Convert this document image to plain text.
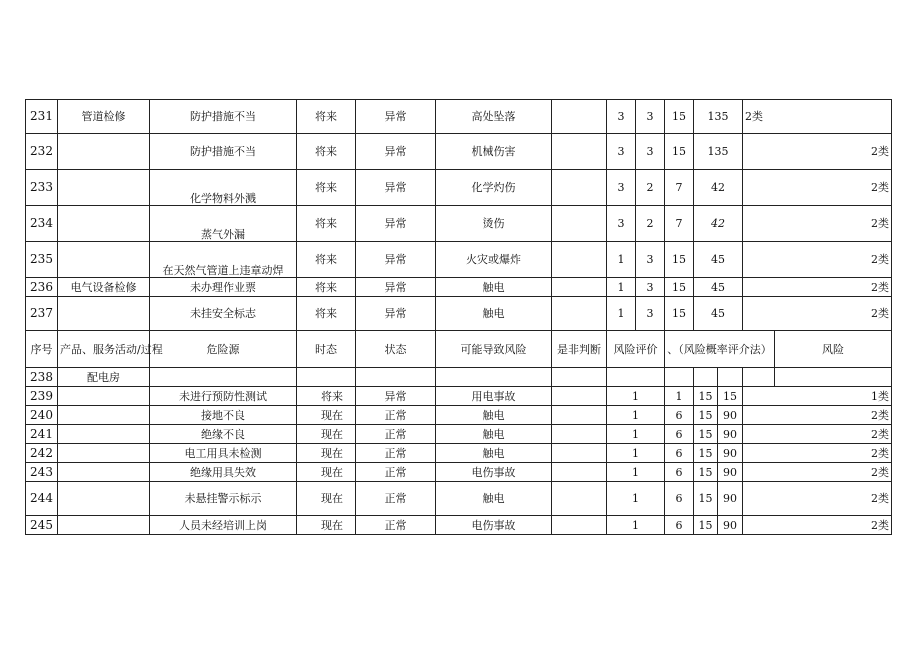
231	管道检修	防护措施不当	将来	异常	高处坠落		3	3	15	135		2类	
232		防护措施不当	将来	异常	机械伤害		3	3	15	135		2类	
233		化学物料外溅	将来	异常	化学灼伤		3	2	7	42		2类	
234		蒸气外漏	将来	异常	烫伤		3	2	7	42		2类	
235		在天然气管道上违章动焊	将来	异常	火灾或爆炸		1	3	15	45		2类	
236	电气设备检修	未办理作业票	将来	异常	触电		1	3	15	45		2类	
237		未挂安全标志	将来	异常	触电		1	3	15	45		2类	
序号	产品、服务活动/过程	危险源	时态	状态	可能导致风险	是非判断	风险评价		、（风险概率评介法）				风险	
238	配电房													
239		未进行预防性测试	将来	异常	用电事故		1		1	15	15	1类	
240		接地不良	现在	正常	触电		1		6	15	90	2类	
241		绝缘不良	现在	正常	触电		1		6	15	90	2类	
242		电工用具未检测	现在	正常	触电		1		6	15	90	2类	
243		绝缘用具失效	现在	正常	电伤事故		1		6	15	90	2类	
244		未悬挂警示标示	现在	正常	触电		1		6	15	90	2类	
245		人员未经培训上岗	现在	正常	电伤事故		1		6	15	90	2类	
